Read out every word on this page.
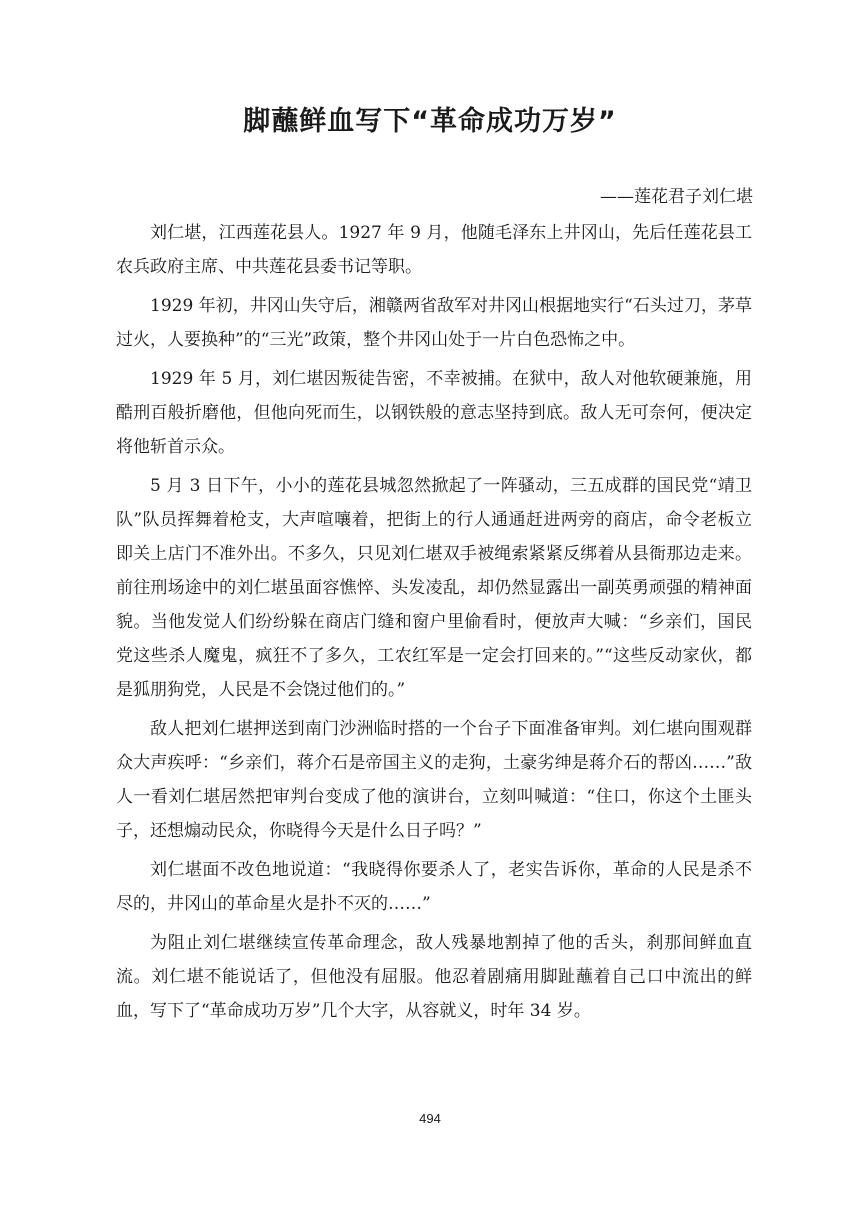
脚蘸鲜血写下“革命成功万岁”
——莲花君子刘仁堪

刘仁堪，江西莲花县人。1927 年 9 月，他随毛泽东上井冈山，先后任莲花县工农兵政府主席、中共莲花县委书记等职。

1929 年初，井冈山失守后，湘赣两省敌军对井冈山根据地实行“石头过刀，茅草过火，人要换种”的“三光”政策，整个井冈山处于一片白色恐怖之中。

1929 年 5 月，刘仁堪因叛徒告密，不幸被捕。在狱中，敌人对他软硬兼施，用酷刑百般折磨他，但他向死而生，以钢铁般的意志坚持到底。敌人无可奈何，便决定将他斩首示众。

5 月 3 日下午，小小的莲花县城忽然掀起了一阵骚动，三五成群的国民党“靖卫队”队员挥舞着枪支，大声喧嚷着，把街上的行人通通赶进两旁的商店，命令老板立即关上店门不准外出。不多久，只见刘仁堪双手被绳索紧紧反绑着从县衙那边走来。前往刑场途中的刘仁堪虽面容憔悴、头发凌乱，却仍然显露出一副英勇顽强的精神面貌。当他发觉人们纷纷躲在商店门缝和窗户里偷看时，便放声大喊：“乡亲们，国民党这些杀人魔鬼，疯狂不了多久，工农红军是一定会打回来的。”“这些反动家伙，都是狐朋狗党，人民是不会饶过他们的。”

敌人把刘仁堪押送到南门沙洲临时搭的一个台子下面准备审判。刘仁堪向围观群众大声疾呼：“乡亲们，蒋介石是帝国主义的走狗，土豪劣绅是蒋介石的帮凶……”敌人一看刘仁堪居然把审判台变成了他的演讲台，立刻叫喊道：“住口，你这个土匪头子，还想煽动民众，你晓得今天是什么日子吗？”

刘仁堪面不改色地说道：“我晓得你要杀人了，老实告诉你，革命的人民是杀不尽的，井冈山的革命星火是扑不灭的……”

为阻止刘仁堪继续宣传革命理念，敌人残暴地割掉了他的舌头，刹那间鲜血直流。刘仁堪不能说话了，但他没有屈服。他忍着剧痛用脚趾蘸着自己口中流出的鲜血，写下了“革命成功万岁”几个大字，从容就义，时年 34 岁。

494
